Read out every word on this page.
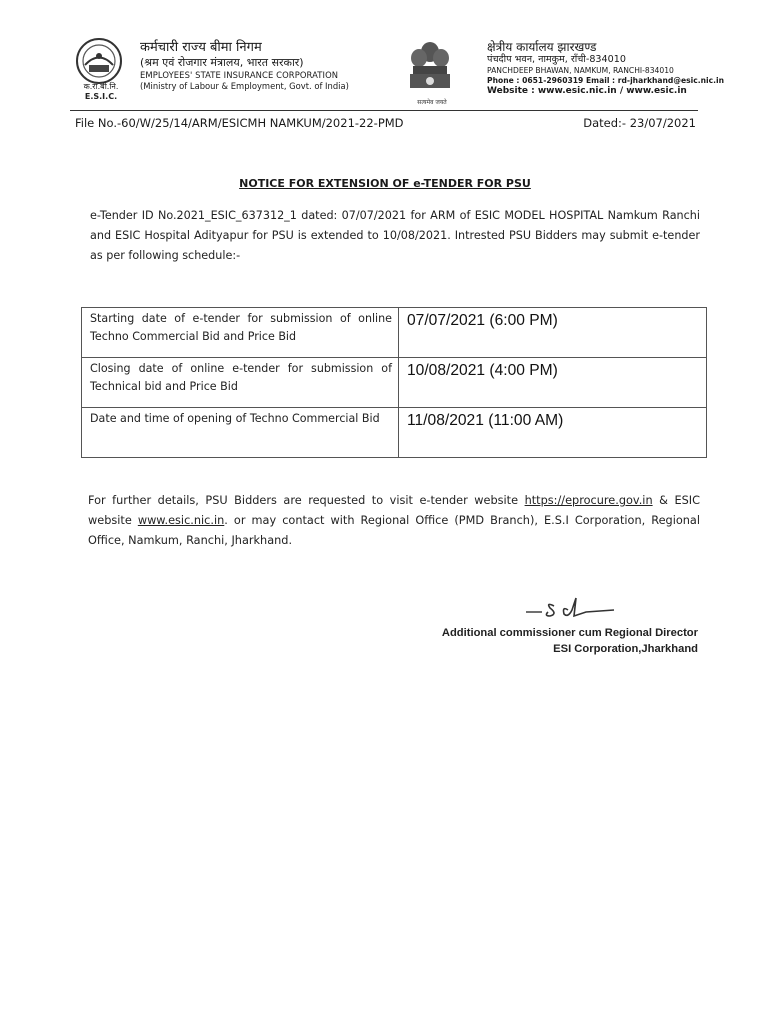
क.रा.बी.नि.
E.S.I.C.
कर्मचारी राज्य बीमा निगम
(श्रम एवं रोजगार मंत्रालय, भारत सरकार)
EMPLOYEES' STATE INSURANCE CORPORATION
(Ministry of Labour & Employment, Govt. of India)
सत्यमेव जयते
क्षेत्रीय कार्यालय झारखण्ड
पंचदीप भवन, नामकुम, राँची-834010
PANCHDEEP BHAWAN, NAMKUM, RANCHI-834010
Phone : 0651-2960319 Email : rd-jharkhand@esic.nic.in
Website : www.esic.nic.in / www.esic.in
File No.-60/W/25/14/ARM/ESICMH NAMKUM/2021-22-PMD	Dated:- 23/07/2021
NOTICE FOR EXTENSION OF e-TENDER FOR PSU
e-Tender ID No.2021_ESIC_637312_1 dated: 07/07/2021 for ARM of ESIC MODEL HOSPITAL Namkum Ranchi and ESIC Hospital Adityapur for PSU is extended to 10/08/2021. Intrested PSU Bidders may submit e-tender as per following schedule:-
Starting date of e-tender for submission of online Techno Commercial Bid and Price Bid	07/07/2021 (6:00 PM)
Closing date of online e-tender for submission of Technical bid and Price Bid	10/08/2021 (4:00 PM)
Date and time of opening of Techno Commercial Bid	11/08/2021 (11:00 AM)
For further details, PSU Bidders are requested to visit e-tender website https://eprocure.gov.in & ESIC website www.esic.nic.in. or may contact with Regional Office (PMD Branch), E.S.I Corporation, Regional Office, Namkum, Ranchi, Jharkhand.
Additional commissioner cum Regional Director
ESI Corporation,Jharkhand
